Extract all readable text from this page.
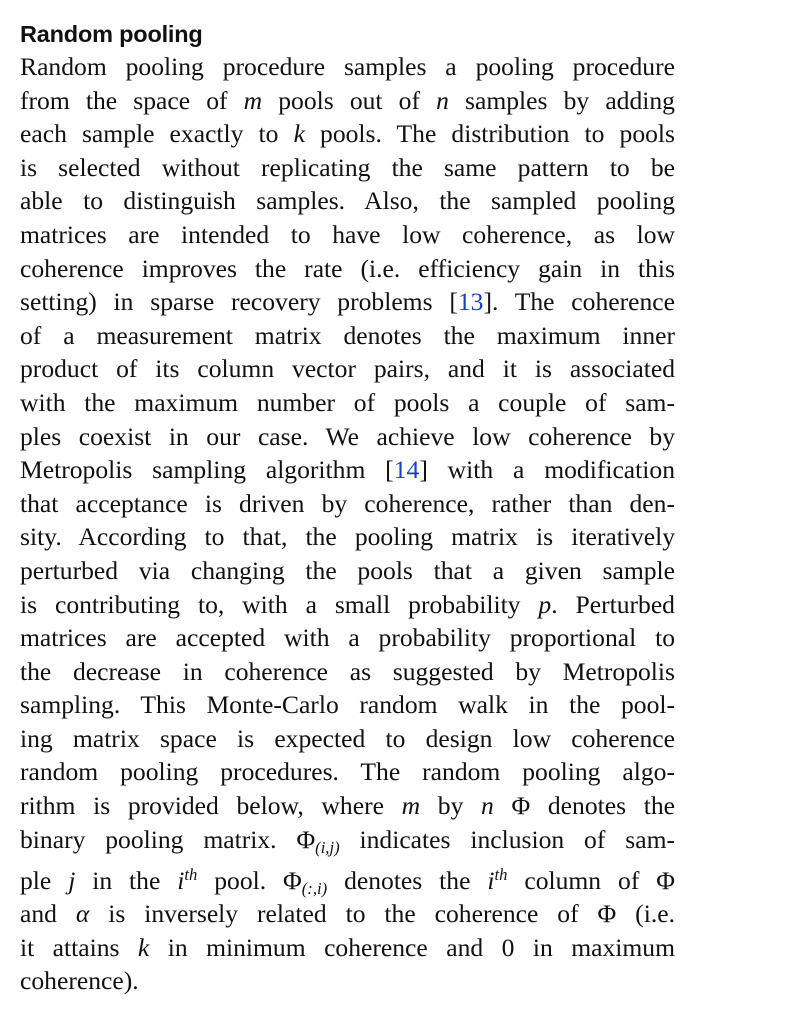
Random pooling
Random pooling procedure samples a pooling procedure
from the space of m pools out of n samples by adding
each sample exactly to k pools. The distribution to pools
is selected without replicating the same pattern to be
able to distinguish samples. Also, the sampled pooling
matrices are intended to have low coherence, as low
coherence improves the rate (i.e. efficiency gain in this
setting) in sparse recovery problems [13]. The coherence
of a measurement matrix denotes the maximum inner
product of its column vector pairs, and it is associated
with the maximum number of pools a couple of sam-
ples coexist in our case. We achieve low coherence by
Metropolis sampling algorithm [14] with a modification
that acceptance is driven by coherence, rather than den-
sity. According to that, the pooling matrix is iteratively
perturbed via changing the pools that a given sample
is contributing to, with a small probability p. Perturbed
matrices are accepted with a probability proportional to
the decrease in coherence as suggested by Metropolis
sampling. This Monte-Carlo random walk in the pool-
ing matrix space is expected to design low coherence
random pooling procedures. The random pooling algo-
rithm is provided below, where m by n Φ denotes the
binary pooling matrix. $\Phi_{(i,j)}$ indicates inclusion of sam-
ple j in the $i^{th}$ pool. $\Phi_{(:,i)}$ denotes the $i^{th}$ column of Φ
and α is inversely related to the coherence of Φ (i.e.
it attains k in minimum coherence and 0 in maximum
coherence).
